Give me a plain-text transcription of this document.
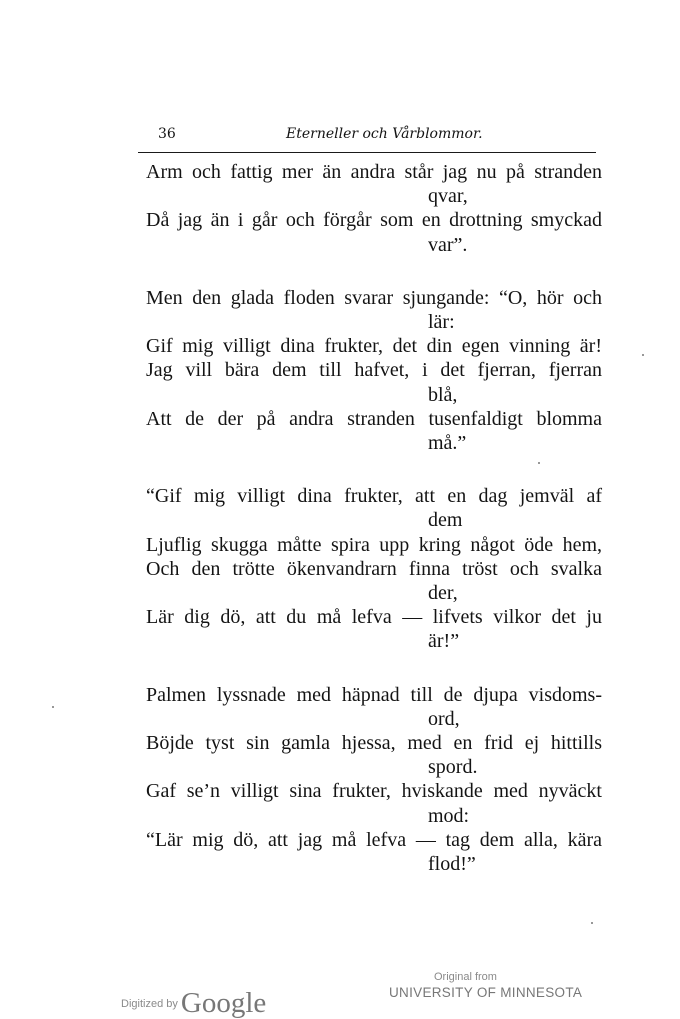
36	Eterneller och Vårblommor.
Arm och fattig mer än andra står jag nu på stranden
qvar,
Då jag än i går och förgår som en drottning smyckad
var”.
Men den glada floden svarar sjungande: “O, hör och
lär:
Gif mig villigt dina frukter, det din egen vinning är!
Jag vill bära dem till hafvet, i det fjerran, fjerran
blå,
Att de der på andra stranden tusenfaldigt blomma
må.”
“Gif mig villigt dina frukter, att en dag jemväl af
dem
Ljuflig skugga måtte spira upp kring något öde hem,
Och den trötte ökenvandrarn finna tröst och svalka
der,
Lär dig dö, att du må lefva — lifvets vilkor det ju
är!”
Palmen lyssnade med häpnad till de djupa visdoms-
ord,
Böjde tyst sin gamla hjessa, med en frid ej hittills
spord.
Gaf se’n villigt sina frukter, hviskande med nyväckt
mod:
“Lär mig dö, att jag må lefva — tag dem alla, kära
flod!”
Digitized by Google
Original from
UNIVERSITY OF MINNESOTA
